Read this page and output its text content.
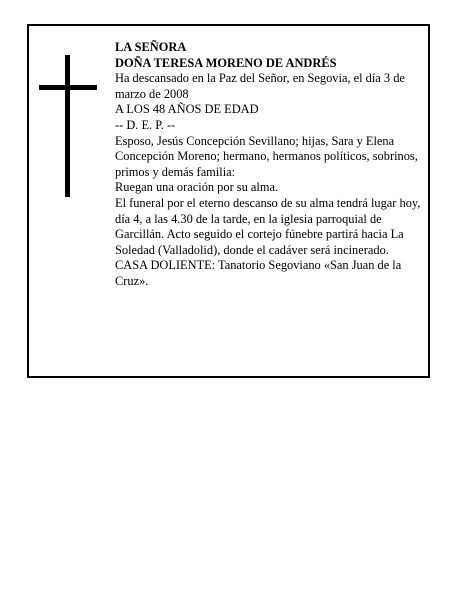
LA SEÑORA

DOÑA TERESA MORENO DE ANDRÉS

Ha descansado en la Paz del Señor, en Segovia, el día 3 de marzo de 2008

A LOS 48 AÑOS DE EDAD

-- D. E. P. --

Esposo, Jesús Concepción Sevillano; hijas, Sara y Elena Concepción Moreno; hermano, hermanos políticos, sobrinos, primos y demás familia:

Ruegan una oración por su alma.

El funeral por el eterno descanso de su alma tendrá lugar hoy, día 4, a las 4.30 de la tarde, en la iglesia parroquial de Garcillán. Acto seguido el cortejo fúnebre partirá hacia La Soledad (Valladolid), donde el cadáver será incinerado.

CASA DOLIENTE: Tanatorio Segoviano «San Juan de la Cruz».
